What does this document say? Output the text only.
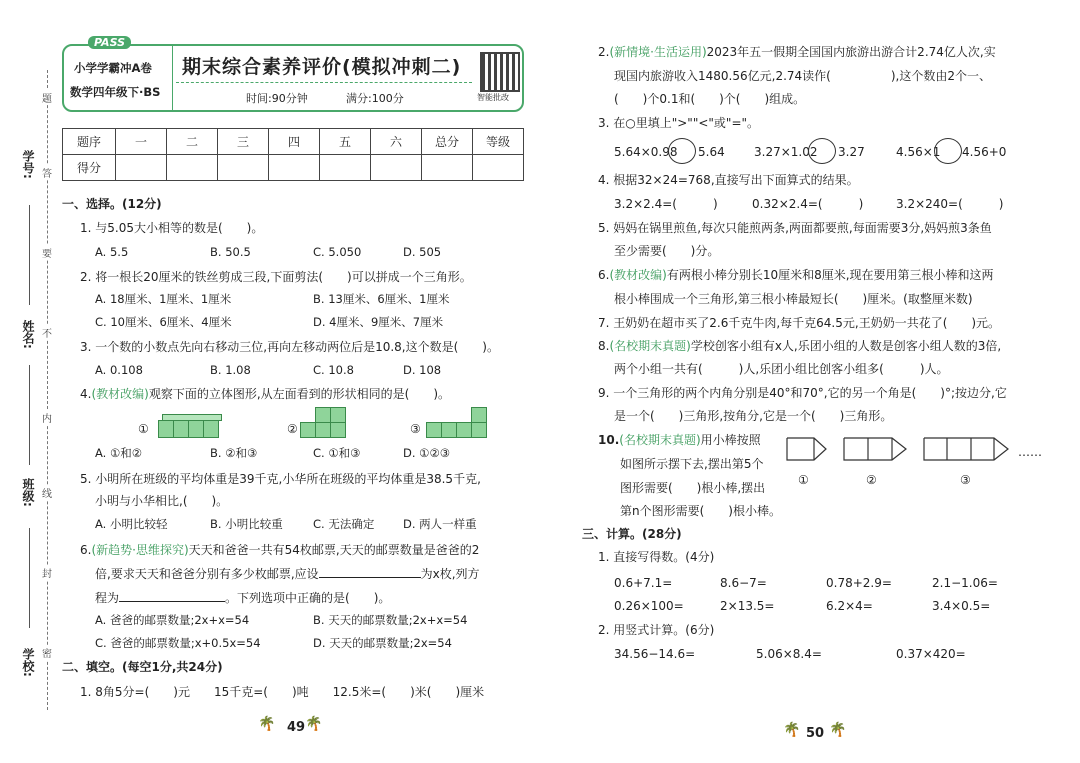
学号:
姓名:
班级:
学校:
题
答
要
不
内
线
封
密
PASS
小学学霸冲A卷
数学四年级下·BS
期末综合素养评价(模拟冲刺二)
时间:90分钟	满分:100分	智能批改
题序	一	二	三	四	五	六	总分	等级
得分								
一、选择。(12分)
1. 与5.05大小相等的数是(　　)。
A. 5.5	B. 50.5	C. 5.050	D. 505
2. 将一根长20厘米的铁丝剪成三段,下面剪法(　　)可以拼成一个三角形。
A. 18厘米、1厘米、1厘米	B. 13厘米、6厘米、1厘米
C. 10厘米、6厘米、4厘米	D. 4厘米、9厘米、7厘米
3. 一个数的小数点先向右移动三位,再向左移动两位后是10.8,这个数是(　　)。
A. 0.108	B. 1.08	C. 10.8	D. 108
4.(教材改编)观察下面的立体图形,从左面看到的形状相同的是(　　)。
①	②	③
A. ①和②	B. ②和③	C. ①和③	D. ①②③
5. 小明所在班级的平均体重是39千克,小华所在班级的平均体重是38.5千克,
小明与小华相比,(　　)。
A. 小明比较轻	B. 小明比较重	C. 无法确定 D. 两人一样重
6.(新趋势·思维探究)天天和爸爸一共有54枚邮票,天天的邮票数量是爸爸的2
倍,要求天天和爸爸分别有多少枚邮票,应设	为x枚,列方
程为	。下列选项中正确的是(　　)。
A. 爸爸的邮票数量;2x+x=54	B. 天天的邮票数量;2x+x=54
C. 爸爸的邮票数量;x+0.5x=54	D. 天天的邮票数量;2x=54
二、填空。(每空1分,共24分)
1. 8角5分=(　　)元　　15千克=(　　)吨　　12.5米=(　　)米(　　)厘米
🌴 49 🌴
2.(新情境·生活运用)2023年五一假期全国国内旅游出游合计2.74亿人次,实
现国内旅游收入1480.56亿元,2.74读作(　　　　　),这个数由2个一、
(　　)个0.1和(　　)个(　　)组成。
3. 在○里填上">""<"或"="。
5.64×0.98 5.64 3.27×1.02 3.27	4.56×1 4.56+0
4. 根据32×24=768,直接写出下面算式的结果。
3.2×2.4=(　　　)	0.32×2.4=(　　　)	3.2×240=(　　　)
5. 妈妈在锅里煎鱼,每次只能煎两条,两面都要煎,每面需要3分,妈妈煎3条鱼
至少需要(　　)分。
6.(教材改编)有两根小棒分别长10厘米和8厘米,现在要用第三根小棒和这两
根小棒围成一个三角形,第三根小棒最短长(　　)厘米。(取整厘米数)
7. 王奶奶在超市买了2.6千克牛肉,每千克64.5元,王奶奶一共花了(　　)元。
8.(名校期末真题)学校创客小组有x人,乐团小组的人数是创客小组人数的3倍,
两个小组一共有(　　　)人,乐团小组比创客小组多(　　　)人。
9. 一个三角形的两个内角分别是40°和70°,它的另一个角是(　　)°;按边分,它
是一个(　　)三角形,按角分,它是一个(　　)三角形。
10.(名校期末真题)用小棒按照
如图所示摆下去,摆出第5个
图形需要(　　)根小棒,摆出
第n个图形需要(　　)根小棒。
①	②	③
……
三、计算。(28分)
1. 直接写得数。(4分)
0.6+7.1=	8.6−7=	0.78+2.9=	2.1−1.06=
0.26×100=	2×13.5=	6.2×4=	3.4×0.5=
2. 用竖式计算。(6分)
34.56−14.6=	5.06×8.4=	0.37×420=
🌴 50 🌴
